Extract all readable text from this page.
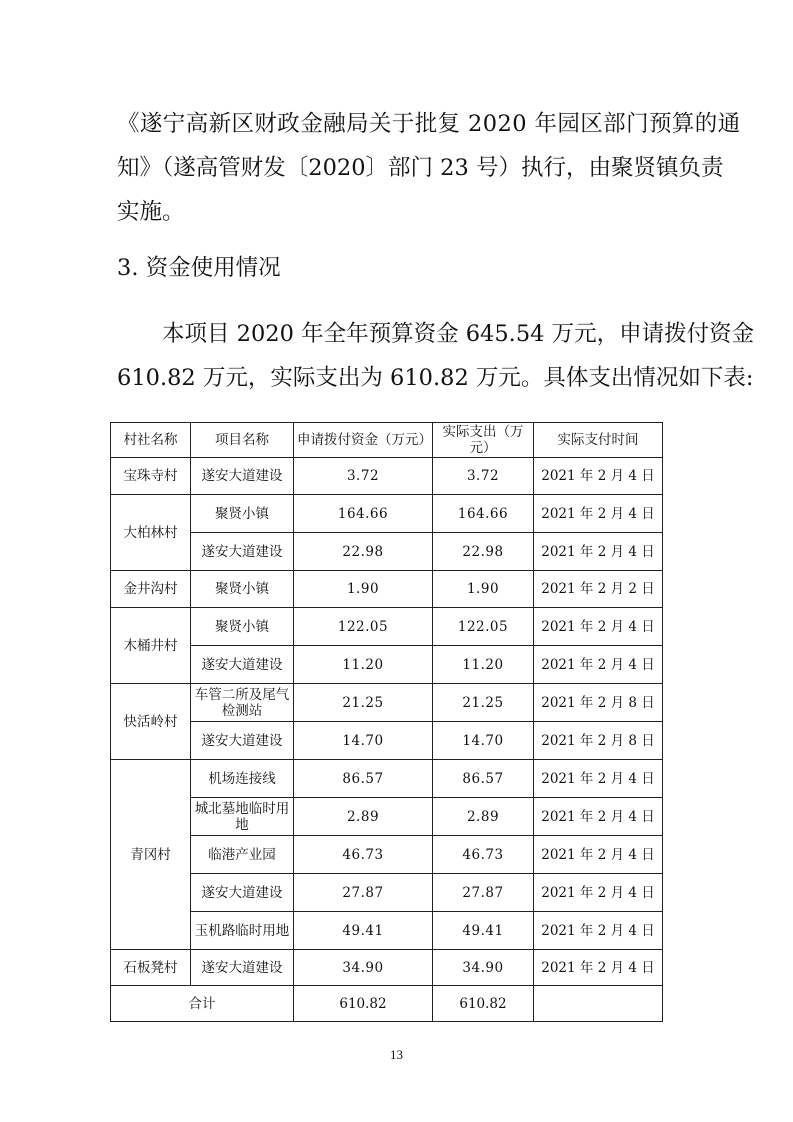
《遂宁高新区财政金融局关于批复 2020 年园区部门预算的通
知》（遂高管财发〔2020〕部门 23 号）执行，由聚贤镇负责
实施。
3. 资金使用情况
本项目 2020 年全年预算资金 645.54 万元，申请拨付资金
610.82 万元，实际支出为 610.82 万元。具体支出情况如下表:
村社名称	项目名称	申请拨付资金（万元）	实际支出（万元）	实际支付时间
宝珠寺村	遂安大道建设	3.72	3.72	2021 年 2 月 4 日
大柏林村	聚贤小镇	164.66	164.66	2021 年 2 月 4 日
	遂安大道建设	22.98	22.98	2021 年 2 月 4 日
金井沟村	聚贤小镇	1.90	1.90	2021 年 2 月 2 日
木桶井村	聚贤小镇	122.05	122.05	2021 年 2 月 4 日
	遂安大道建设	11.20	11.20	2021 年 2 月 4 日
快活岭村	车管二所及尾气检测站	21.25	21.25	2021 年 2 月 8 日
	遂安大道建设	14.70	14.70	2021 年 2 月 8 日
青冈村	机场连接线	86.57	86.57	2021 年 2 月 4 日
	城北墓地临时用地	2.89	2.89	2021 年 2 月 4 日
	临港产业园	46.73	46.73	2021 年 2 月 4 日
	遂安大道建设	27.87	27.87	2021 年 2 月 4 日
	玉机路临时用地	49.41	49.41	2021 年 2 月 4 日
石板凳村	遂安大道建设	34.90	34.90	2021 年 2 月 4 日
合计		610.82	610.82	
13
